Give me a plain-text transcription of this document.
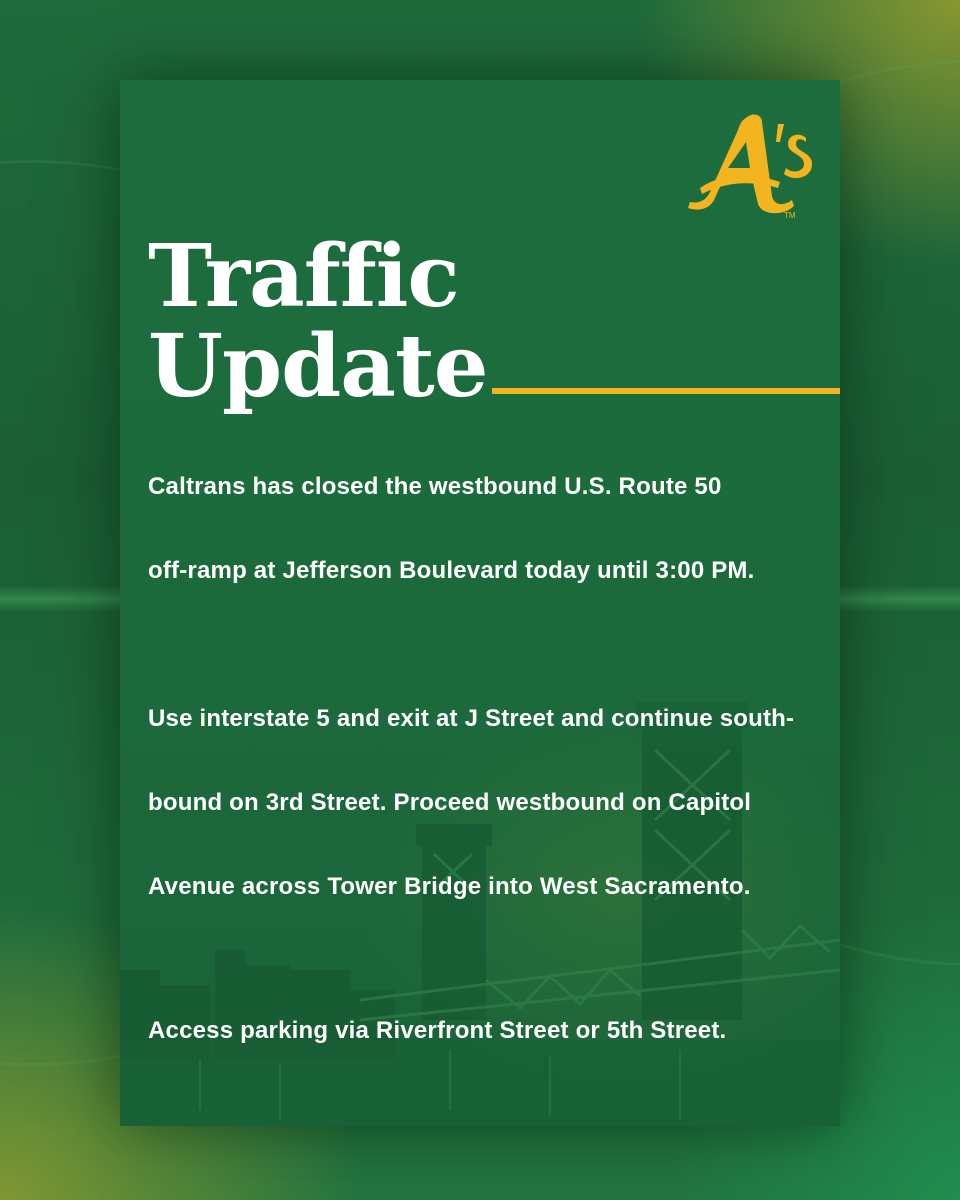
TM
Traffic
Update

Caltrans has closed the westbound U.S. Route 50
off-ramp at Jefferson Boulevard today until 3:00 PM.

Use interstate 5 and exit at J Street and continue south-
bound on 3rd Street. Proceed westbound on Capitol
Avenue across Tower Bridge into West Sacramento.

Access parking via Riverfront Street or 5th Street.
